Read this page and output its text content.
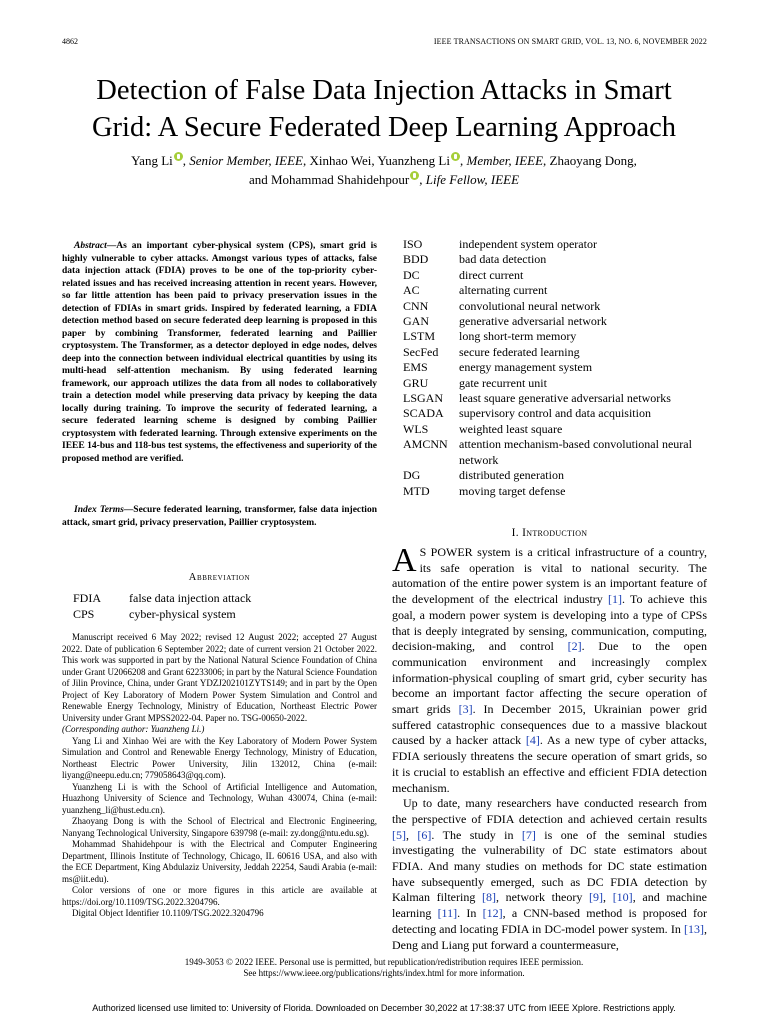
4862	IEEE TRANSACTIONS ON SMART GRID, VOL. 13, NO. 6, NOVEMBER 2022
Detection of False Data Injection Attacks in Smart
Grid: A Secure Federated Deep Learning Approach
Yang Li , Senior Member, IEEE, Xinhao Wei, Yuanzheng Li , Member, IEEE, Zhaoyang Dong,
and Mohammad Shahidehpour , Life Fellow, IEEE

Abstract—As an important cyber-physical system (CPS), smart grid is highly vulnerable to cyber attacks. Amongst various types of attacks, false data injection attack (FDIA) proves to be one of the top-priority cyber-related issues and has received increasing attention in recent years. However, so far little attention has been paid to privacy preservation issues in the detection of FDIAs in smart grids. Inspired by federated learning, a FDIA detection method based on secure federated deep learning is proposed in this paper by combining Transformer, federated learning and Paillier cryptosystem. The Transformer, as a detector deployed in edge nodes, delves deep into the connection between individual electrical quantities by using its multi-head self-attention mechanism. By using federated learning framework, our approach utilizes the data from all nodes to collaboratively train a detection model while preserving data privacy by keeping the data locally during training. To improve the security of federated learning, a secure federated learning scheme is designed by combing Paillier cryptosystem with federated learning. Through extensive experiments on the IEEE 14-bus and 118-bus test systems, the effectiveness and superiority of the proposed method are verified.

Index Terms—Secure federated learning, transformer, false data injection attack, smart grid, privacy preservation, Paillier cryptosystem.

Abbreviation
FDIA	false data injection attack
CPS	cyber-physical system

Manuscript received 6 May 2022; revised 12 August 2022; accepted 27 August 2022. Date of publication 6 September 2022; date of current version 21 October 2022. This work was supported in part by the National Natural Science Foundation of China under Grant U2066208 and Grant 62233006; in part by the Natural Science Foundation of Jilin Province, China, under Grant YDZJ202101ZYTS149; and in part by the Open Project of Key Laboratory of Modern Power System Simulation and Control and Renewable Energy Technology, Ministry of Education, Northeast Electric Power University under Grant MPSS2022-04. Paper no. TSG-00650-2022.

(Corresponding author: Yuanzheng Li.)

Yang Li and Xinhao Wei are with the Key Laboratory of Modern Power System Simulation and Control and Renewable Energy Technology, Ministry of Education, Northeast Electric Power University, Jilin 132012, China (e-mail: liyang@neepu.edu.cn; 779058643@qq.com).

Yuanzheng Li is with the School of Artificial Intelligence and Automation, Huazhong University of Science and Technology, Wuhan 430074, China (e-mail: yuanzheng_li@hust.edu.cn).

Zhaoyang Dong is with the School of Electrical and Electronic Engineering, Nanyang Technological University, Singapore 639798 (e-mail: zy.dong@ntu.edu.sg).

Mohammad Shahidehpour is with the Electrical and Computer Engineering Department, Illinois Institute of Technology, Chicago, IL 60616 USA, and also with the ECE Department, King Abdulaziz University, Jeddah 22254, Saudi Arabia (e-mail: ms@iit.edu).

Color versions of one or more figures in this article are available at https://doi.org/10.1109/TSG.2022.3204796.

Digital Object Identifier 10.1109/TSG.2022.3204796

ISO	independent system operator
BDD	bad data detection
DC	direct current
AC	alternating current
CNN	convolutional neural network
GAN	generative adversarial network
LSTM	long short-term memory
SecFed	secure federated learning
EMS	energy management system
GRU	gate recurrent unit
LSGAN	least square generative adversarial networks
SCADA	supervisory control and data acquisition
WLS	weighted least square
AMCNN attention mechanism-based convolutional neural network
DG	distributed generation
MTD	moving target defense
I. Introduction

A S POWER system is a critical infrastructure of a country, its safe operation is vital to national security. The automation of the entire power system is an important feature of the development of the electrical industry [1]. To achieve this goal, a modern power system is developing into a type of CPSs that is deeply integrated by sensing, communication, computing, decision-making, and control [2]. Due to the open communication environment and increasingly complex information-physical coupling of smart grid, cyber security has become an important factor affecting the secure operation of smart grids [3]. In December 2015, Ukrainian power grid suffered catastrophic consequences due to a massive blackout caused by a hacker attack [4]. As a new type of cyber attacks, FDIA seriously threatens the secure operation of smart grids, so it is crucial to establish an effective and efficient FDIA detection mechanism.

Up to date, many researchers have conducted research from the perspective of FDIA detection and achieved certain results [5], [6]. The study in [7] is one of the seminal studies investigating the vulnerability of DC state estimators about FDIA. And many studies on methods for DC state estimation have subsequently emerged, such as DC FDIA detection by Kalman filtering [8], network theory [9], [10], and machine learning [11]. In [12], a CNN-based method is proposed for detecting and locating FDIA in DC-model power system. In [13], Deng and Liang put forward a countermeasure,

1949-3053 © 2022 IEEE. Personal use is permitted, but republication/redistribution requires IEEE permission.
See https://www.ieee.org/publications/rights/index.html for more information.
Authorized licensed use limited to: University of Florida. Downloaded on December 30,2022 at 17:38:37 UTC from IEEE Xplore. Restrictions apply.
